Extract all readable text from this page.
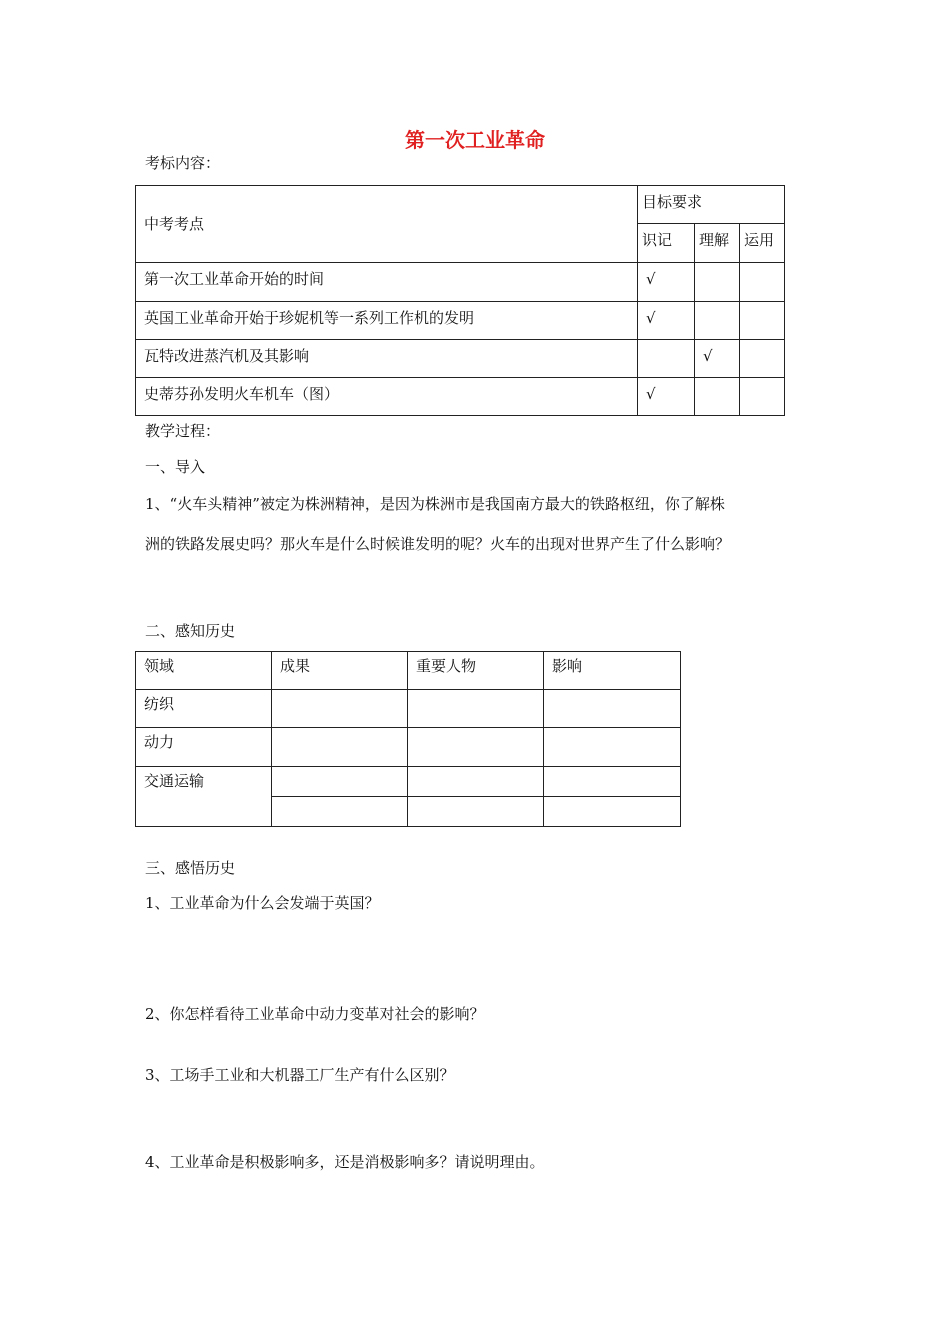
第一次工业革命
考标内容：
中考考点	目标要求		
	识记	理解	运用
第一次工业革命开始的时间	√		
英国工业革命开始于珍妮机等一系列工作机的发明	√		
瓦特改进蒸汽机及其影响		√	
史蒂芬孙发明火车机车（图）	√		
教学过程：
一、导入
1、“火车头精神”被定为株洲精神，是因为株洲市是我国南方最大的铁路枢纽，你了解株
洲的铁路发展史吗？那火车是什么时候谁发明的呢？火车的出现对世界产生了什么影响？
二、感知历史
领域	成果	重要人物	影响
纺织			
动力			
交通运输			

三、感悟历史
1、工业革命为什么会发端于英国？
2、你怎样看待工业革命中动力变革对社会的影响？
3、工场手工业和大机器工厂生产有什么区别？
4、工业革命是积极影响多，还是消极影响多？请说明理由。
